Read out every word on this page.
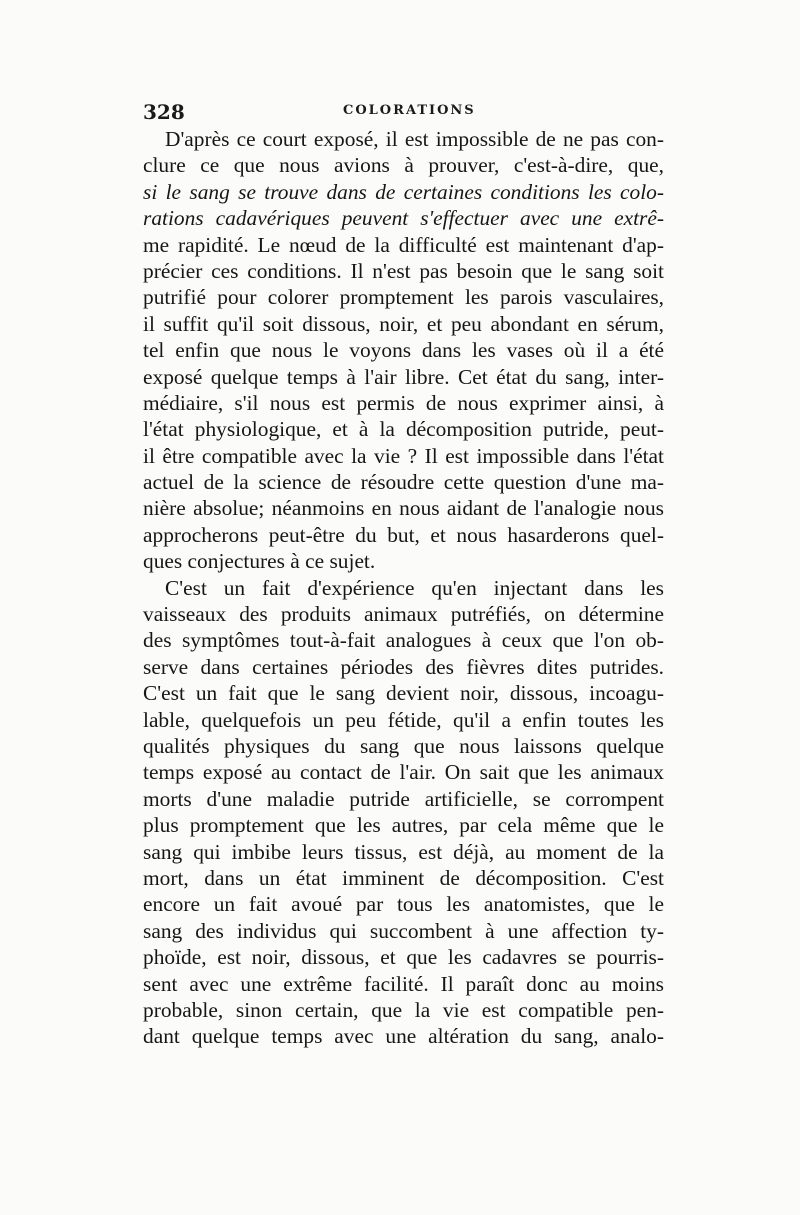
328	COLORATIONS
D'après ce court exposé, il est impossible de ne pas con-
clure ce que nous avions à prouver, c'est-à-dire, que,
si le sang se trouve dans de certaines conditions les colo-
rations cadavériques peuvent s'effectuer avec une extrê-
me rapidité. Le nœud de la difficulté est maintenant d'ap-
précier ces conditions. Il n'est pas besoin que le sang soit
putrifié pour colorer promptement les parois vasculaires,
il suffit qu'il soit dissous, noir, et peu abondant en sérum,
tel enfin que nous le voyons dans les vases où il a été
exposé quelque temps à l'air libre. Cet état du sang, inter-
médiaire, s'il nous est permis de nous exprimer ainsi, à
l'état physiologique, et à la décomposition putride, peut-
il être compatible avec la vie ? Il est impossible dans l'état
actuel de la science de résoudre cette question d'une ma-
nière absolue; néanmoins en nous aidant de l'analogie nous
approcherons peut-être du but, et nous hasarderons quel-
ques conjectures à ce sujet.
C'est un fait d'expérience qu'en injectant dans les
vaisseaux des produits animaux putréfiés, on détermine
des symptômes tout-à-fait analogues à ceux que l'on ob-
serve dans certaines périodes des fièvres dites putrides.
C'est un fait que le sang devient noir, dissous, incoagu-
lable, quelquefois un peu fétide, qu'il a enfin toutes les
qualités physiques du sang que nous laissons quelque
temps exposé au contact de l'air. On sait que les animaux
morts d'une maladie putride artificielle, se corrompent
plus promptement que les autres, par cela même que le
sang qui imbibe leurs tissus, est déjà, au moment de la
mort, dans un état imminent de décomposition. C'est
encore un fait avoué par tous les anatomistes, que le
sang des individus qui succombent à une affection ty-
phoïde, est noir, dissous, et que les cadavres se pourris-
sent avec une extrême facilité. Il paraît donc au moins
probable, sinon certain, que la vie est compatible pen-
dant quelque temps avec une altération du sang, analo-
